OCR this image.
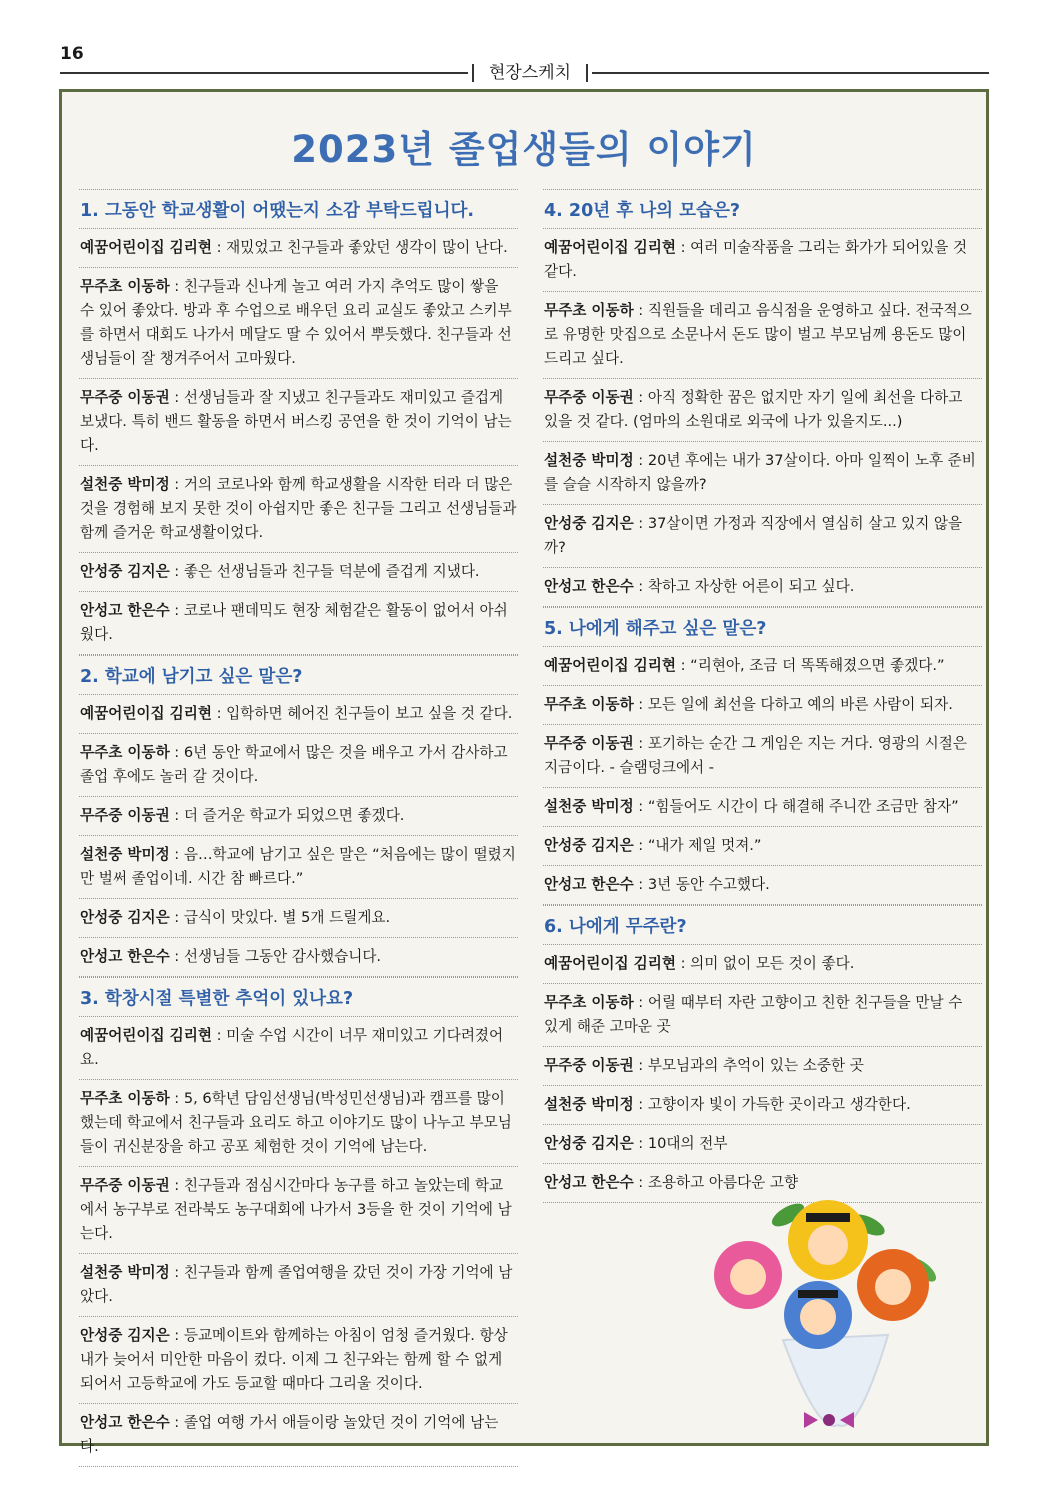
16
현장스케치
2023년 졸업생들의 이야기
1. 그동안 학교생활이 어땠는지 소감 부탁드립니다.
예꿈어린이집 김리현 : 재밌었고 친구들과 좋았던 생각이 많이 난다.
무주초 이동하 : 친구들과 신나게 놀고 여러 가지 추억도 많이 쌓을 수 있어 좋았다. 방과 후 수업으로 배우던 요리 교실도 좋았고 스키부를 하면서 대회도 나가서 메달도 딸 수 있어서 뿌듯했다. 친구들과 선생님들이 잘 챙겨주어서 고마웠다.
무주중 이동권 : 선생님들과 잘 지냈고 친구들과도 재미있고 즐겁게 보냈다. 특히 밴드 활동을 하면서 버스킹 공연을 한 것이 기억이 남는다.
설천중 박미정 : 거의 코로나와 함께 학교생활을 시작한 터라 더 많은 것을 경험해 보지 못한 것이 아쉽지만 좋은 친구들 그리고 선생님들과 함께 즐거운 학교생활이었다.
안성중 김지은 : 좋은 선생님들과 친구들 덕분에 즐겁게 지냈다.
안성고 한은수 : 코로나 팬데믹도 현장 체험같은 활동이 없어서 아쉬웠다.
2. 학교에 남기고 싶은 말은?
예꿈어린이집 김리현 : 입학하면 헤어진 친구들이 보고 싶을 것 같다.
무주초 이동하 : 6년 동안 학교에서 많은 것을 배우고 가서 감사하고 졸업 후에도 놀러 갈 것이다.
무주중 이동권 : 더 즐거운 학교가 되었으면 좋겠다.
설천중 박미정 : 음…학교에 남기고 싶은 말은 “처음에는 많이 떨렸지만 벌써 졸업이네. 시간 참 빠르다.”
안성중 김지은 : 급식이 맛있다. 별 5개 드릴게요.
안성고 한은수 : 선생님들 그동안 감사했습니다.
3. 학창시절 특별한 추억이 있나요?
예꿈어린이집 김리현 : 미술 수업 시간이 너무 재미있고 기다려졌어요.
무주초 이동하 : 5, 6학년 담임선생님(박성민선생님)과 캠프를 많이 했는데 학교에서 친구들과 요리도 하고 이야기도 많이 나누고 부모님들이 귀신분장을 하고 공포 체험한 것이 기억에 남는다.
무주중 이동권 : 친구들과 점심시간마다 농구를 하고 놀았는데 학교에서 농구부로 전라북도 농구대회에 나가서 3등을 한 것이 기억에 남는다.
설천중 박미정 : 친구들과 함께 졸업여행을 갔던 것이 가장 기억에 남았다.
안성중 김지은 : 등교메이트와 함께하는 아침이 엄청 즐거웠다. 항상 내가 늦어서 미안한 마음이 컸다. 이제 그 친구와는 함께 할 수 없게 되어서 고등학교에 가도 등교할 때마다 그리울 것이다.
안성고 한은수 : 졸업 여행 가서 애들이랑 놀았던 것이 기억에 남는다.
4. 20년 후 나의 모습은?
예꿈어린이집 김리현 : 여러 미술작품을 그리는 화가가 되어있을 것 같다.
무주초 이동하 : 직원들을 데리고 음식점을 운영하고 싶다. 전국적으로 유명한 맛집으로 소문나서 돈도 많이 벌고 부모님께 용돈도 많이 드리고 싶다.
무주중 이동권 : 아직 정확한 꿈은 없지만 자기 일에 최선을 다하고 있을 것 같다. (엄마의 소원대로 외국에 나가 있을지도...)
설천중 박미정 : 20년 후에는 내가 37살이다. 아마 일찍이 노후 준비를 슬슬 시작하지 않을까?
안성중 김지은 : 37살이면 가정과 직장에서 열심히 살고 있지 않을까?
안성고 한은수 : 착하고 자상한 어른이 되고 싶다.
5. 나에게 해주고 싶은 말은?
예꿈어린이집 김리현 : “리현아, 조금 더 똑똑해졌으면 좋겠다.”
무주초 이동하 : 모든 일에 최선을 다하고 예의 바른 사람이 되자.
무주중 이동권 : 포기하는 순간 그 게임은 지는 거다. 영광의 시절은 지금이다. - 슬램덩크에서 -
설천중 박미정 : “힘들어도 시간이 다 해결해 주니깐 조금만 참자”
안성중 김지은 : “내가 제일 멋져.”
안성고 한은수 : 3년 동안 수고했다.
6. 나에게 무주란?
예꿈어린이집 김리현 : 의미 없이 모든 것이 좋다.
무주초 이동하 : 어릴 때부터 자란 고향이고 친한 친구들을 만날 수 있게 해준 고마운 곳
무주중 이동권 : 부모님과의 추억이 있는 소중한 곳
설천중 박미정 : 고향이자 빛이 가득한 곳이라고 생각한다.
안성중 김지은 : 10대의 전부
안성고 한은수 : 조용하고 아름다운 고향
